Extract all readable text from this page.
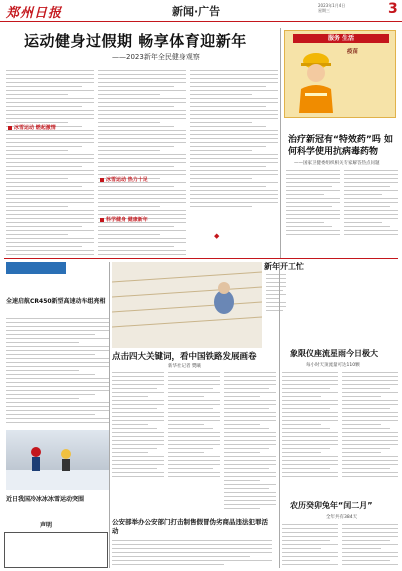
郑州日报	新闻·广告	2023年1月4日
星期三	3
运动健身过假期 畅享体育迎新年
——2023新年全民健身观察
冰雪运动 燃起激情
冰雪运动 热力十足
科学健身 健康新年
服务 生活
疫苗
治疗新冠有“特效药”吗 如何科学使用抗病毒药物
——国家卫健委组织相关专家解答热点问题
◆
全速启航CR450新型高速动车组亮相
近日我国冷冰冰冰雪运动突围
声明
新年开工忙
点击四大关键词，看中国铁路发展画卷
新华社记者 樊曦
象限仪座流星雨今日极大
每小时天顶流量可达110颗
农历癸卯兔年“闰二月”
全年共有384天
公安部举办公安部门打击制售假冒伪劣商品违法犯罪活动
